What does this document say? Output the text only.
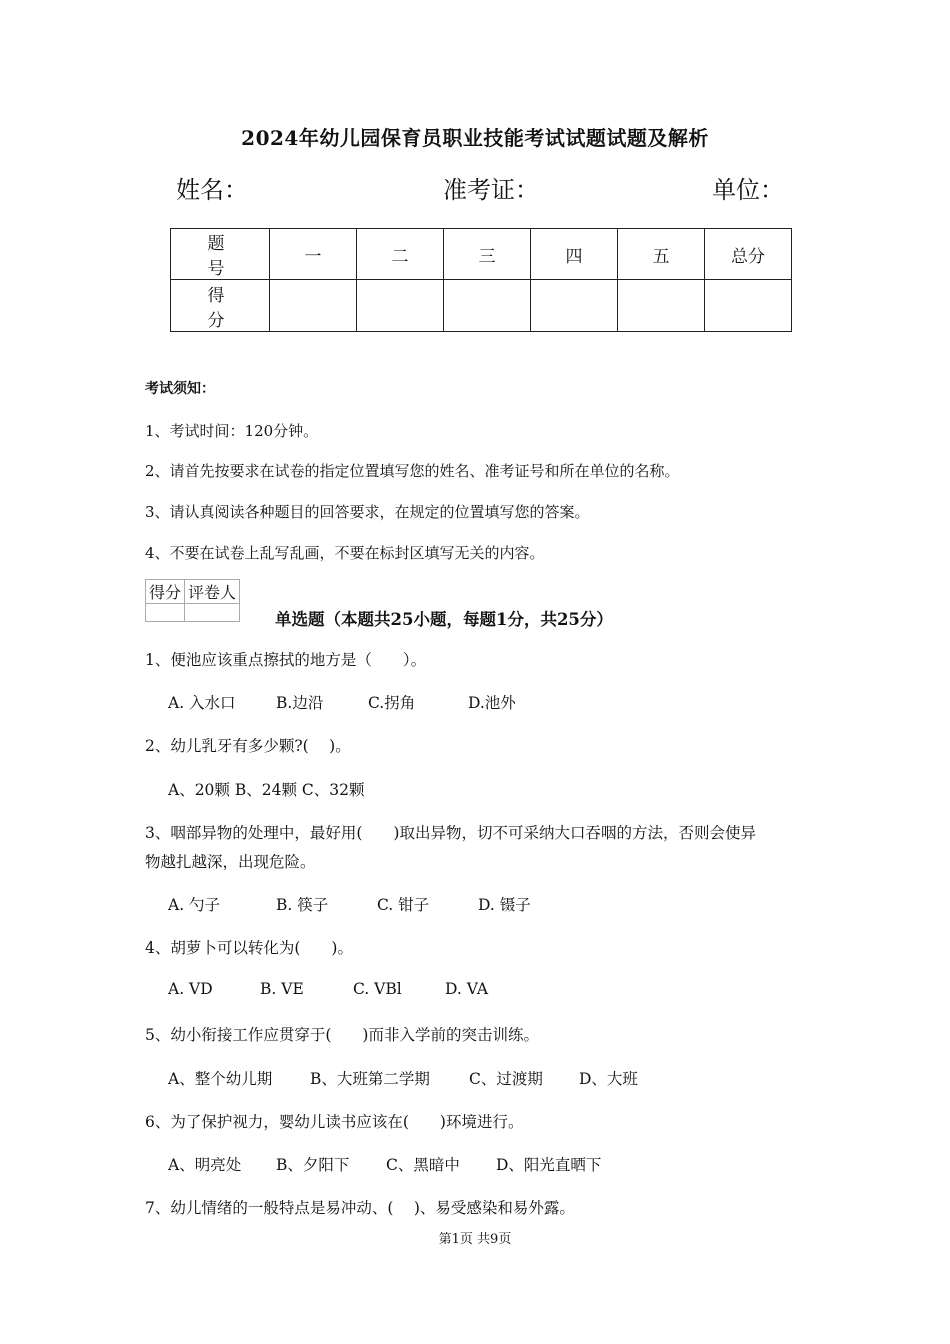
2024年幼儿园保育员职业技能考试试题试题及解析
姓名：	准考证：	单位：
题　号	一	二	三	四	五	总分
得　分						
考试须知：
1、考试时间：120分钟。
2、请首先按要求在试卷的指定位置填写您的姓名、准考证号和所在单位的名称。
3、请认真阅读各种题目的回答要求，在规定的位置填写您的答案。
4、不要在试卷上乱写乱画，不要在标封区填写无关的内容。
得分	评卷人

单选题（本题共25小题，每题1分，共25分）
1、便池应该重点擦拭的地方是（　　）。
A. 入水口	B.边沿	C.拐角	D.池外
2、幼儿乳牙有多少颗?(　 )。
A、20颗 B、24颗 C、32颗
3、咽部异物的处理中，最好用(　　)取出异物，切不可采纳大口吞咽的方法，否则会使异
物越扎越深，出现危险。
A. 勺子	B. 筷子	C. 钳子	D. 镊子
4、胡萝卜可以转化为(　　)。
A. VD	B. VE	C. VBl	D. VA
5、幼小衔接工作应贯穿于(　　)而非入学前的突击训练。
A、整个幼儿期 B、大班第二学期	C、过渡期 D、大班
6、为了保护视力，婴幼儿读书应该在(　　)环境进行。
A、明亮处 B、夕阳下 C、黑暗中 D、阳光直晒下
7、幼儿情绪的一般特点是易冲动、(　 )、易受感染和易外露。
第1页 共9页
